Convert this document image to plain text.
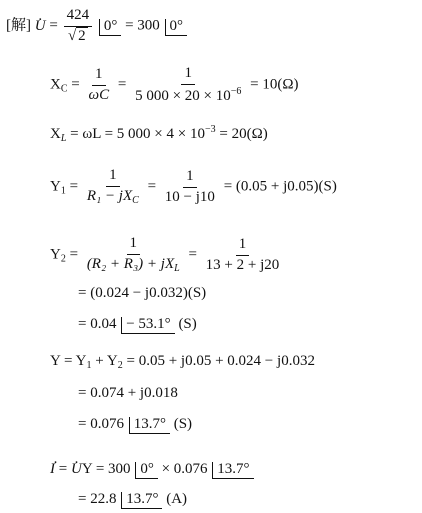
[解] . $U = \frac{424}{√ 2} 0^\circ = 300$ 0°
$X_C = \frac{1}{\omega C} = \frac{1}{5 000 \times 20 \times 10^{-6}} = 10(\Omega)$
$X_L = \omega L = 5$ $000 \times 4 \times 10^{-3} = 20(\Omega)$
$Y_1 = \frac{1}{R_1 - jX_C} = \frac{1}{10 - j10} = (0.05 + j0.05)(S)$
$Y_2 = \frac{1}{(R_2 + R_3) + jX_L} = \frac{1}{13 + 2 + j20}$
= (0.024 − j0.032)(S)
= 0.04 − 53.1° (S)
$Y = Y_1 + Y_2 = 0.05 + j0.05 + 0.024 - j0.032$
= 0.074 + j0.018
= 0.076 13.7° (S)
. I = . UY = 300 0° × 0.076 13.7°
= 22.8 13.7° (A)
